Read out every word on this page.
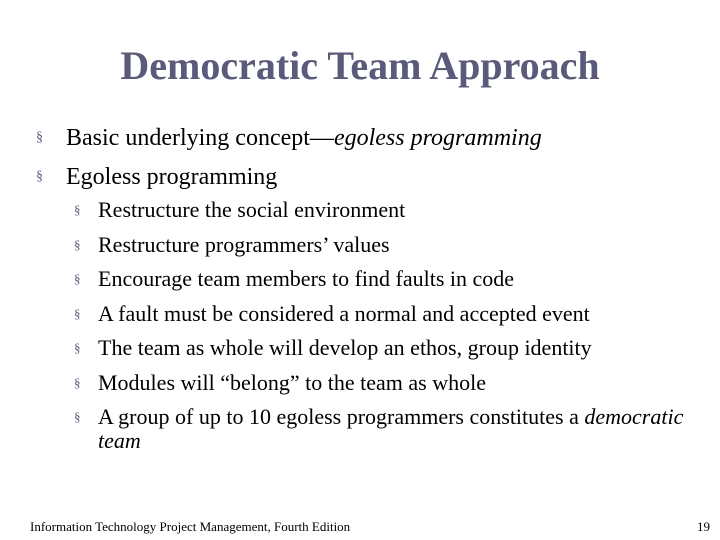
Democratic Team Approach
§ Basic underlying concept—egoless programming
§ Egoless programming
§ Restructure the social environment
§ Restructure programmers’ values
§ Encourage team members to find faults in code
§ A fault must be considered a normal and accepted event
§ The team as whole will develop an ethos, group identity
§ Modules will “belong” to the team as whole
§ A group of up to 10 egoless programmers constitutes a democratic team
Information Technology Project Management, Fourth Edition	19
